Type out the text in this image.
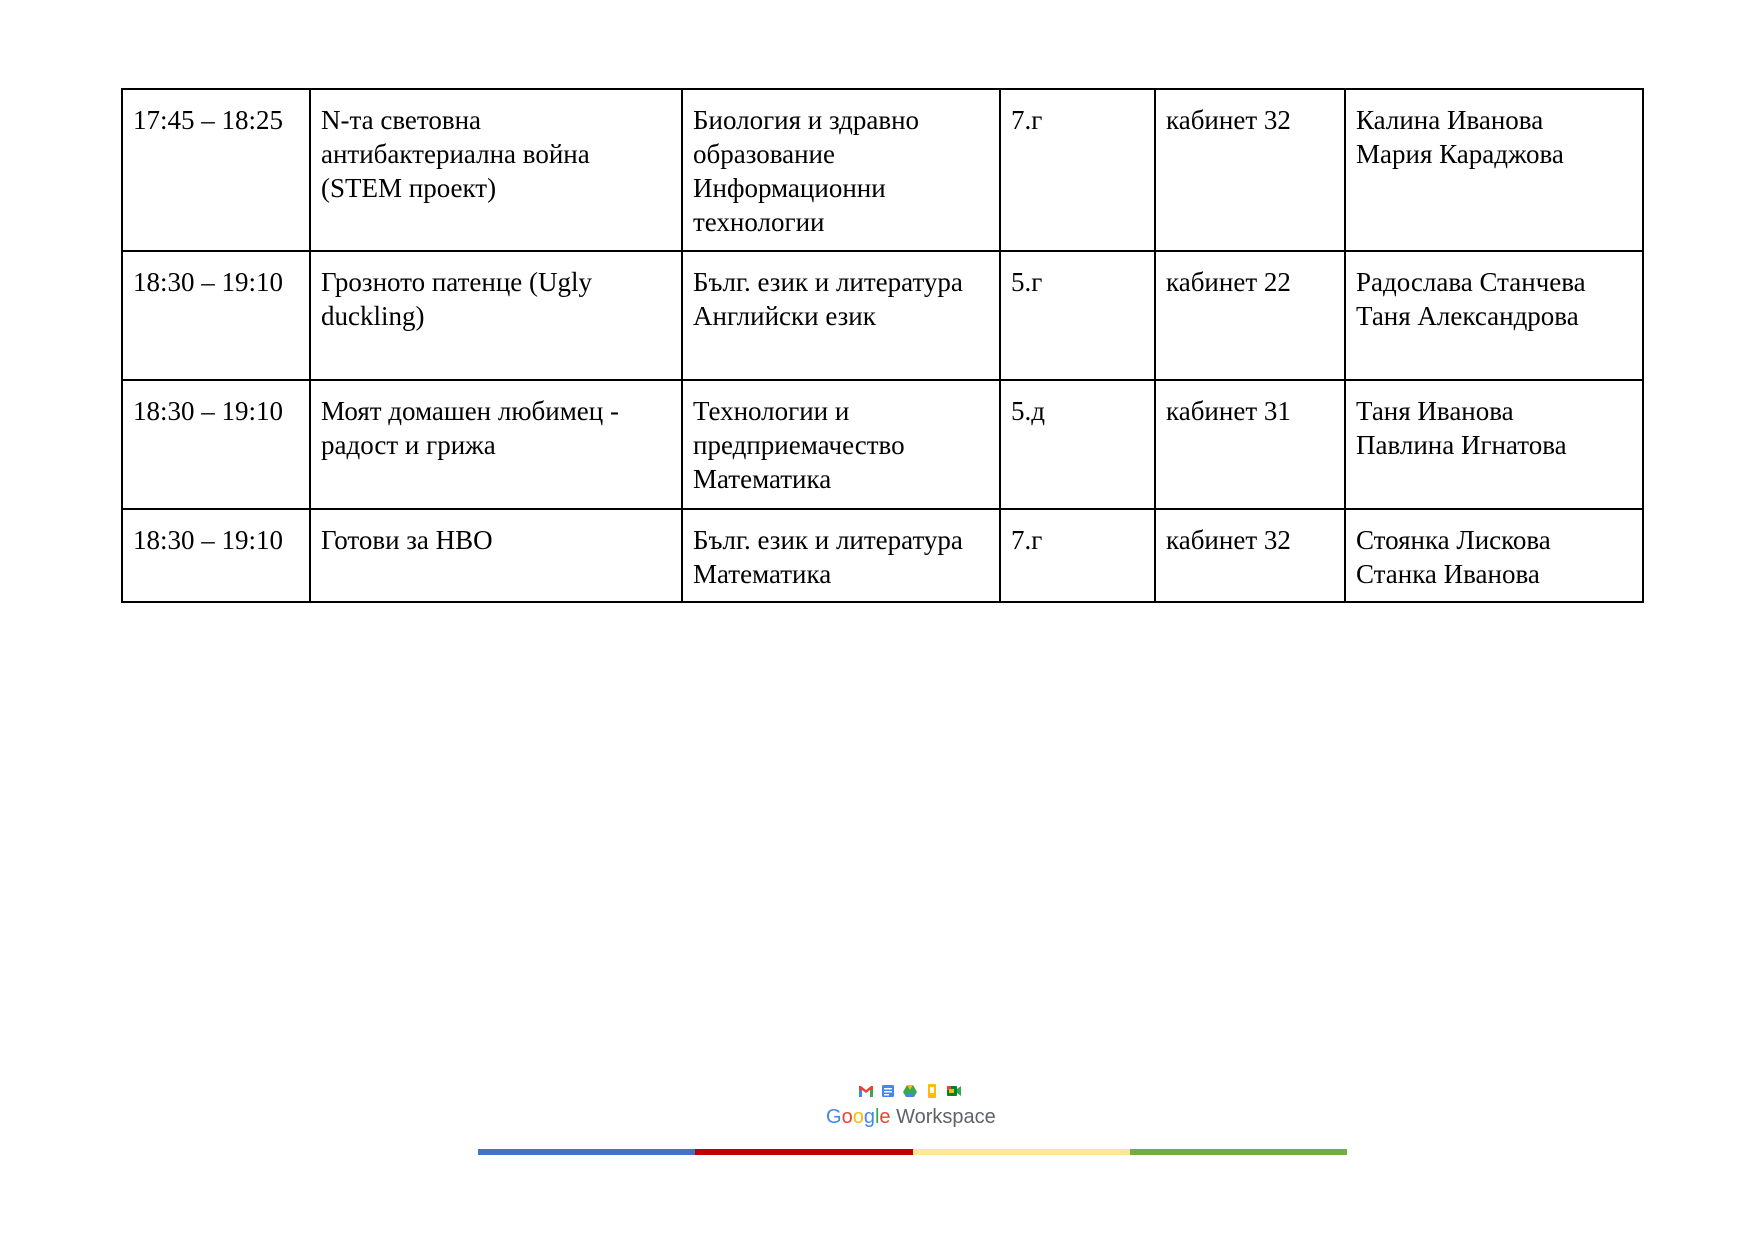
17:45 – 18:25	N-та световна антибактериална война (STEM проект)	Биология и здравно образование
Информационни технологии	7.г	кабинет 32	Калина Иванова
Мария Караджова

18:30 – 19:10	Грозното патенце (Ugly duckling)	Бълг. език и литература
Английски език	5.г	кабинет 22	Радослава Станчева
Таня Александрова

18:30 – 19:10	Моят домашен любимец - радост и грижа	Технологии и предприемачество
Математика	5.д	кабинет 31	Таня Иванова
Павлина Игнатова

18:30 – 19:10	Готови за НВО	Бълг. език и литература
Математика	7.г	кабинет 32	Стоянка Лискова
Станка Иванова
Google Workspace
